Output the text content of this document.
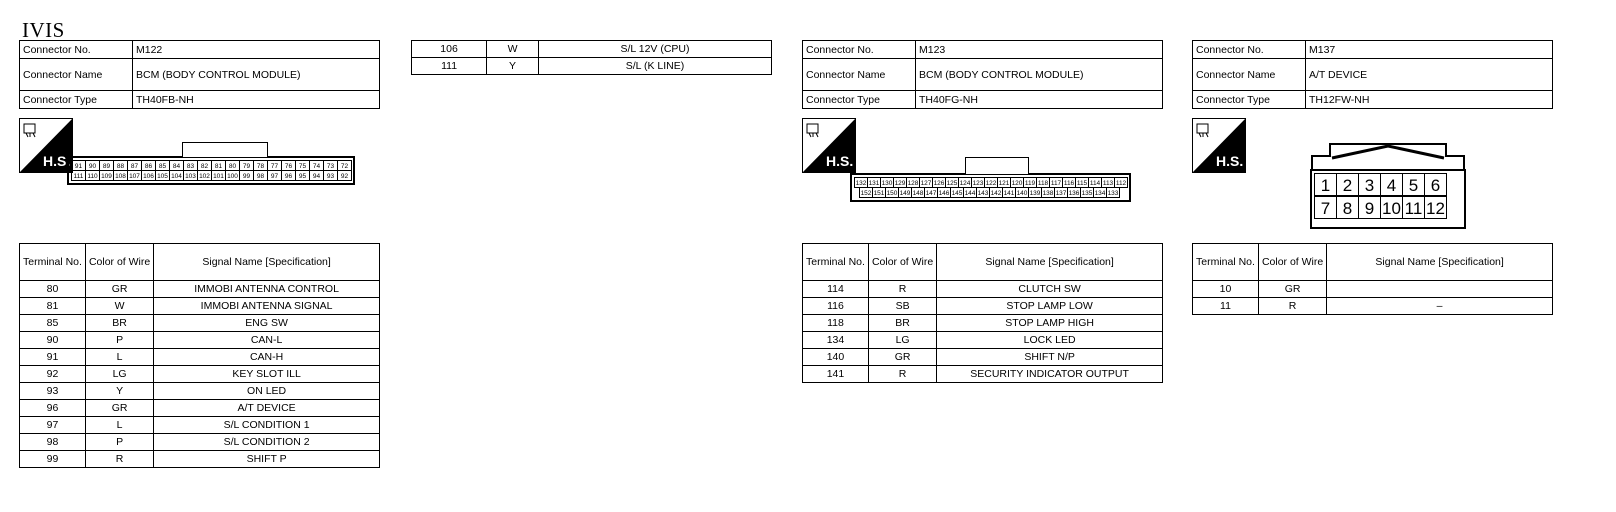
IVIS
Connector No.	M122
Connector Name	BCM (BODY CONTROL MODULE)
Connector Type	TH40FB-NH
H.S. 91	90	89	88	87	86	85	84	83	82	81	80	79	78	77	76	75	74	73	72
111 110 109 108 107 106 105 104 103 102 101 100 99	98	97	96	95	94	93	92
Terminal No.	Color of Wire	Signal Name [Specification]
80	GR	IMMOBI ANTENNA CONTROL
81	W	IMMOBI ANTENNA SIGNAL
85	BR	ENG SW
90	P	CAN-L
91	L	CAN-H
92	LG	KEY SLOT ILL
93	Y	ON LED
96	GR	A/T DEVICE
97	L	S/L CONDITION 1
98	P	S/L CONDITION 2
99	R	SHIFT P
106	W	S/L 12V (CPU)
111	Y	S/L (K LINE)
Connector No.	M123
Connector Name	BCM (BODY CONTROL MODULE)
Connector Type	TH40FG-NH
H.S.
132 131 130 129 128 127 126 125 124 123 122 121 120 119 118 117 116 115 114 113 112
152 151 150 149 148 147 146 145 144 143 142 141 140 139 138 137 136 135 134 133
Terminal No.	Color of Wire	Signal Name [Specification]
114	R	CLUTCH SW
116	SB	STOP LAMP LOW
118	BR	STOP LAMP HIGH
134	LG	LOCK LED
140	GR	SHIFT N/P
141	R	SECURITY INDICATOR OUTPUT
Connector No.	M137
Connector Name	A/T DEVICE
Connector Type	TH12FW-NH
H.S.
1 2 3 4 5 6
7 8 9 10 11 12
Terminal No.	Color of Wire	Signal Name [Specification]
10	GR	
11	R	–
